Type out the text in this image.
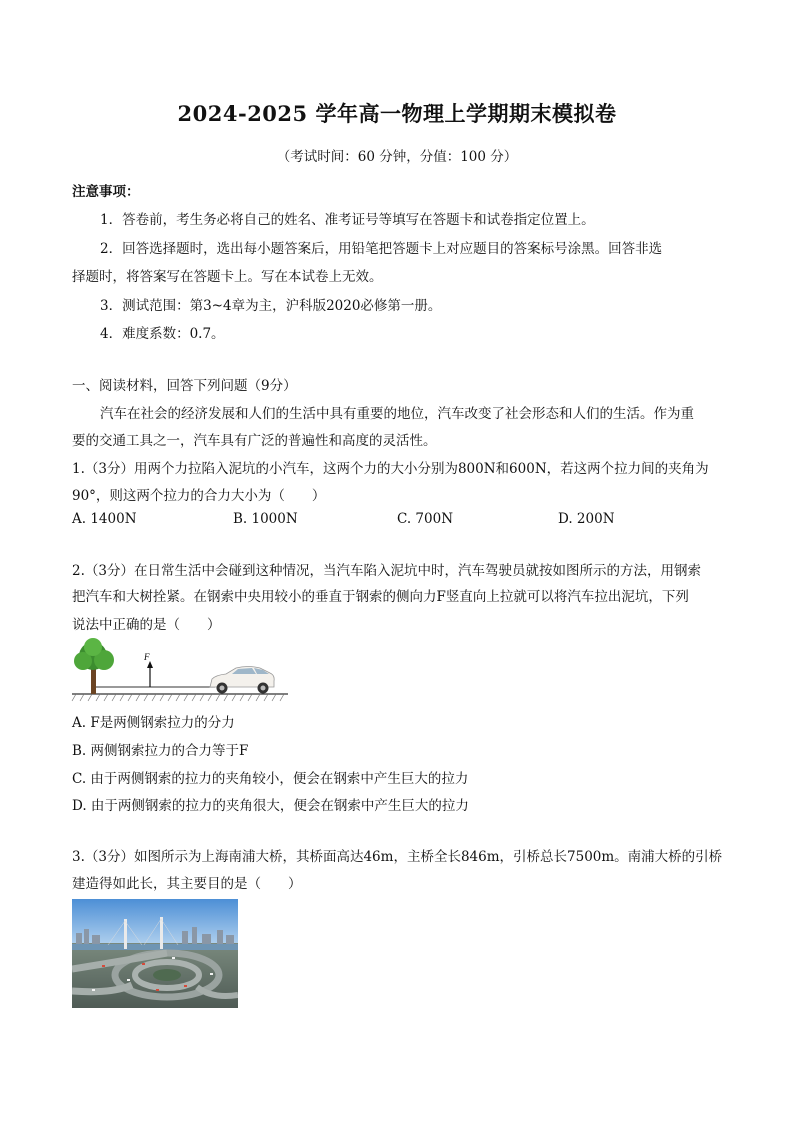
2024-2025 学年高一物理上学期期末模拟卷
（考试时间：60 分钟，分值：100 分）
注意事项：
1．答卷前，考生务必将自己的姓名、准考证号等填写在答题卡和试卷指定位置上。
2．回答选择题时，选出每小题答案后，用铅笔把答题卡上对应题目的答案标号涂黑。回答非选
择题时，将答案写在答题卡上。写在本试卷上无效。
3．测试范围：第3~4章为主，沪科版2020必修第一册。
4．难度系数：0.7。
一、阅读材料，回答下列问题（9分）
汽车在社会的经济发展和人们的生活中具有重要的地位，汽车改变了社会形态和人们的生活。作为重
要的交通工具之一，汽车具有广泛的普遍性和高度的灵活性。
1.（3分）用两个力拉陷入泥坑的小汽车，这两个力的大小分别为800N和600N，若这两个拉力间的夹角为
90°，则这两个拉力的合力大小为（　　）
A. 1400N	B. 1000N	C. 700N	D. 200N
2.（3分）在日常生活中会碰到这种情况，当汽车陷入泥坑中时，汽车驾驶员就按如图所示的方法，用钢索
把汽车和大树拴紧。在钢索中央用较小的垂直于钢索的侧向力F竖直向上拉就可以将汽车拉出泥坑，下列
说法中正确的是（　　）
F
A. F是两侧钢索拉力的分力
B. 两侧钢索拉力的合力等于F
C. 由于两侧钢索的拉力的夹角较小，便会在钢索中产生巨大的拉力
D. 由于两侧钢索的拉力的夹角很大，便会在钢索中产生巨大的拉力
3.（3分）如图所示为上海南浦大桥，其桥面高达46m，主桥全长846m，引桥总长7500m。南浦大桥的引桥
建造得如此长，其主要目的是（　　）
